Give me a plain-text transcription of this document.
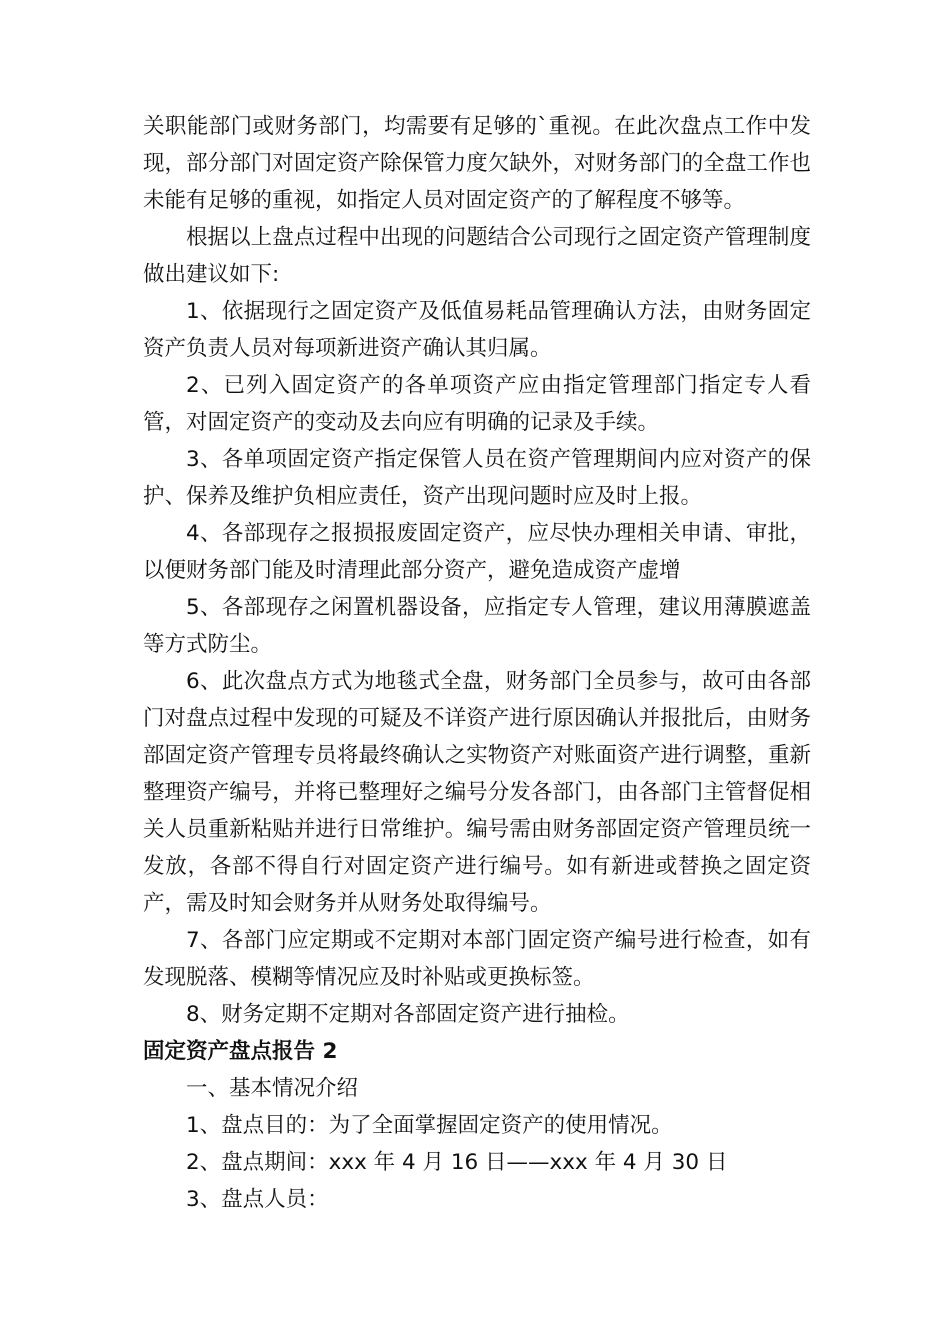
关职能部门或财务部门，均需要有足够的`重视。在此次盘点工作中发现，部分部门对固定资产除保管力度欠缺外，对财务部门的全盘工作也未能有足够的重视，如指定人员对固定资产的了解程度不够等。

根据以上盘点过程中出现的问题结合公司现行之固定资产管理制度做出建议如下:

1、依据现行之固定资产及低值易耗品管理确认方法，由财务固定资产负责人员对每项新进资产确认其归属。

2、已列入固定资产的各单项资产应由指定管理部门指定专人看管，对固定资产的变动及去向应有明确的记录及手续。

3、各单项固定资产指定保管人员在资产管理期间内应对资产的保护、保养及维护负相应责任，资产出现问题时应及时上报。

4、各部现存之报损报废固定资产，应尽快办理相关申请、审批，以便财务部门能及时清理此部分资产，避免造成资产虚增

5、各部现存之闲置机器设备，应指定专人管理，建议用薄膜遮盖等方式防尘。

6、此次盘点方式为地毯式全盘，财务部门全员参与，故可由各部门对盘点过程中发现的可疑及不详资产进行原因确认并报批后，由财务部固定资产管理专员将最终确认之实物资产对账面资产进行调整，重新整理资产编号，并将已整理好之编号分发各部门，由各部门主管督促相关人员重新粘贴并进行日常维护。编号需由财务部固定资产管理员统一发放，各部不得自行对固定资产进行编号。如有新进或替换之固定资产，需及时知会财务并从财务处取得编号。

7、各部门应定期或不定期对本部门固定资产编号进行检查，如有发现脱落、模糊等情况应及时补贴或更换标签。

8、财务定期不定期对各部固定资产进行抽检。

固定资产盘点报告 2

一、基本情况介绍

1、盘点目的：为了全面掌握固定资产的使用情况。

2、盘点期间：xxx 年 4 月 16 日——xxx 年 4 月 30 日

3、盘点人员：
